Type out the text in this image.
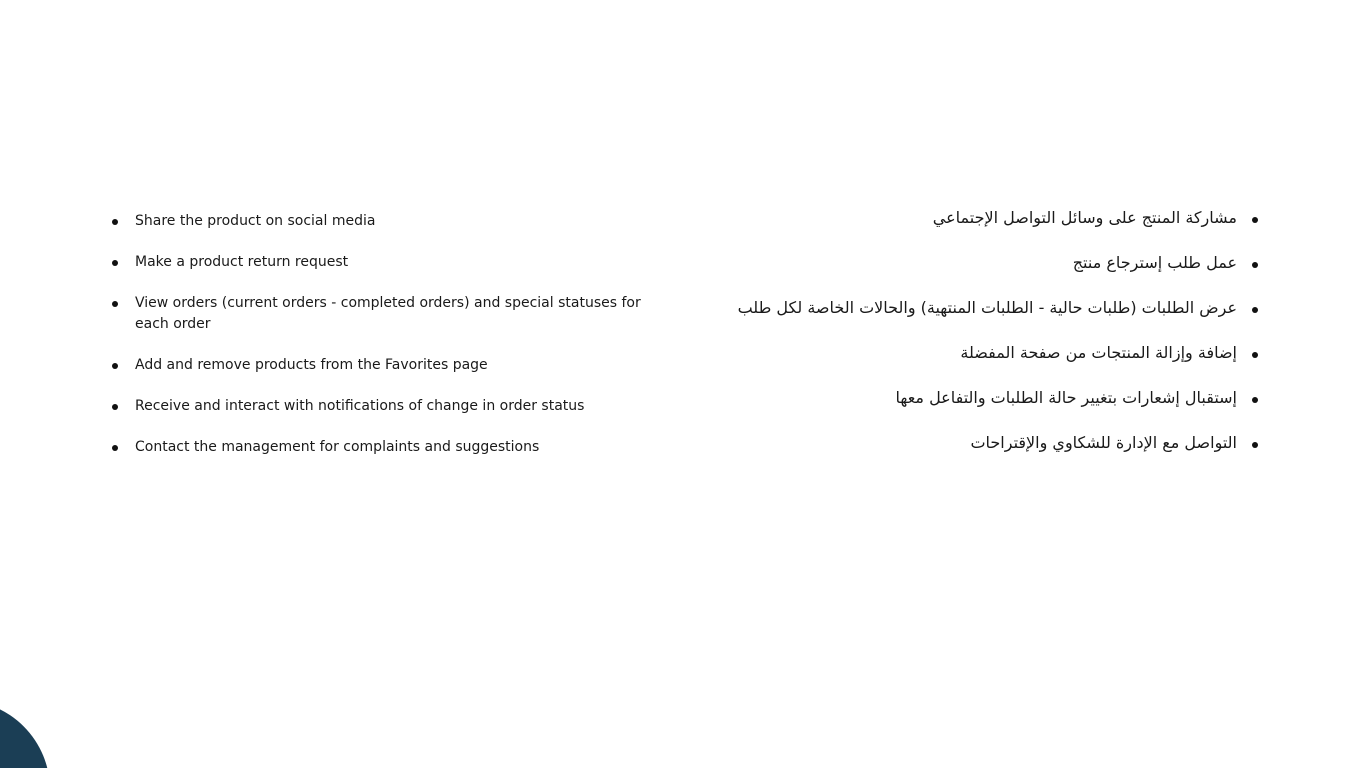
Share the product on social media
Make a product return request
View orders (current orders - completed orders) and special statuses for each order
Add and remove products from the Favorites page
Receive and interact with notifications of change in order status
Contact the management for complaints and suggestions
مشاركة المنتج على وسائل التواصل الإجتماعي
عمل طلب إسترجاع منتج
عرض الطلبات (طلبات حالية - الطلبات المنتهية) والحالات الخاصة لكل طلب
إضافة وإزالة المنتجات من صفحة المفضلة
إستقبال إشعارات بتغيير حالة الطلبات والتفاعل معها
التواصل مع الإدارة للشكاوي والإقتراحات
